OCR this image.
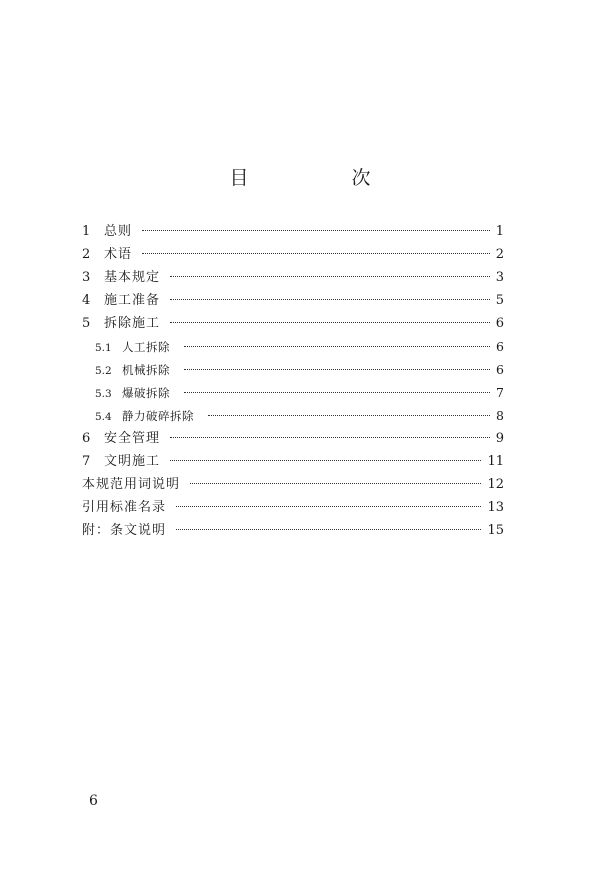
目　次
1	总则	1
2	术语	2
3	基本规定	3
4	施工准备	5
5	拆除施工	6
5.1 人工拆除	6
5.2 机械拆除	6
5.3 爆破拆除	7
5.4 静力破碎拆除	8
6	安全管理	9
7	文明施工	11
本规范用词说明	12
引用标准名录	13
附：条文说明	15
6
